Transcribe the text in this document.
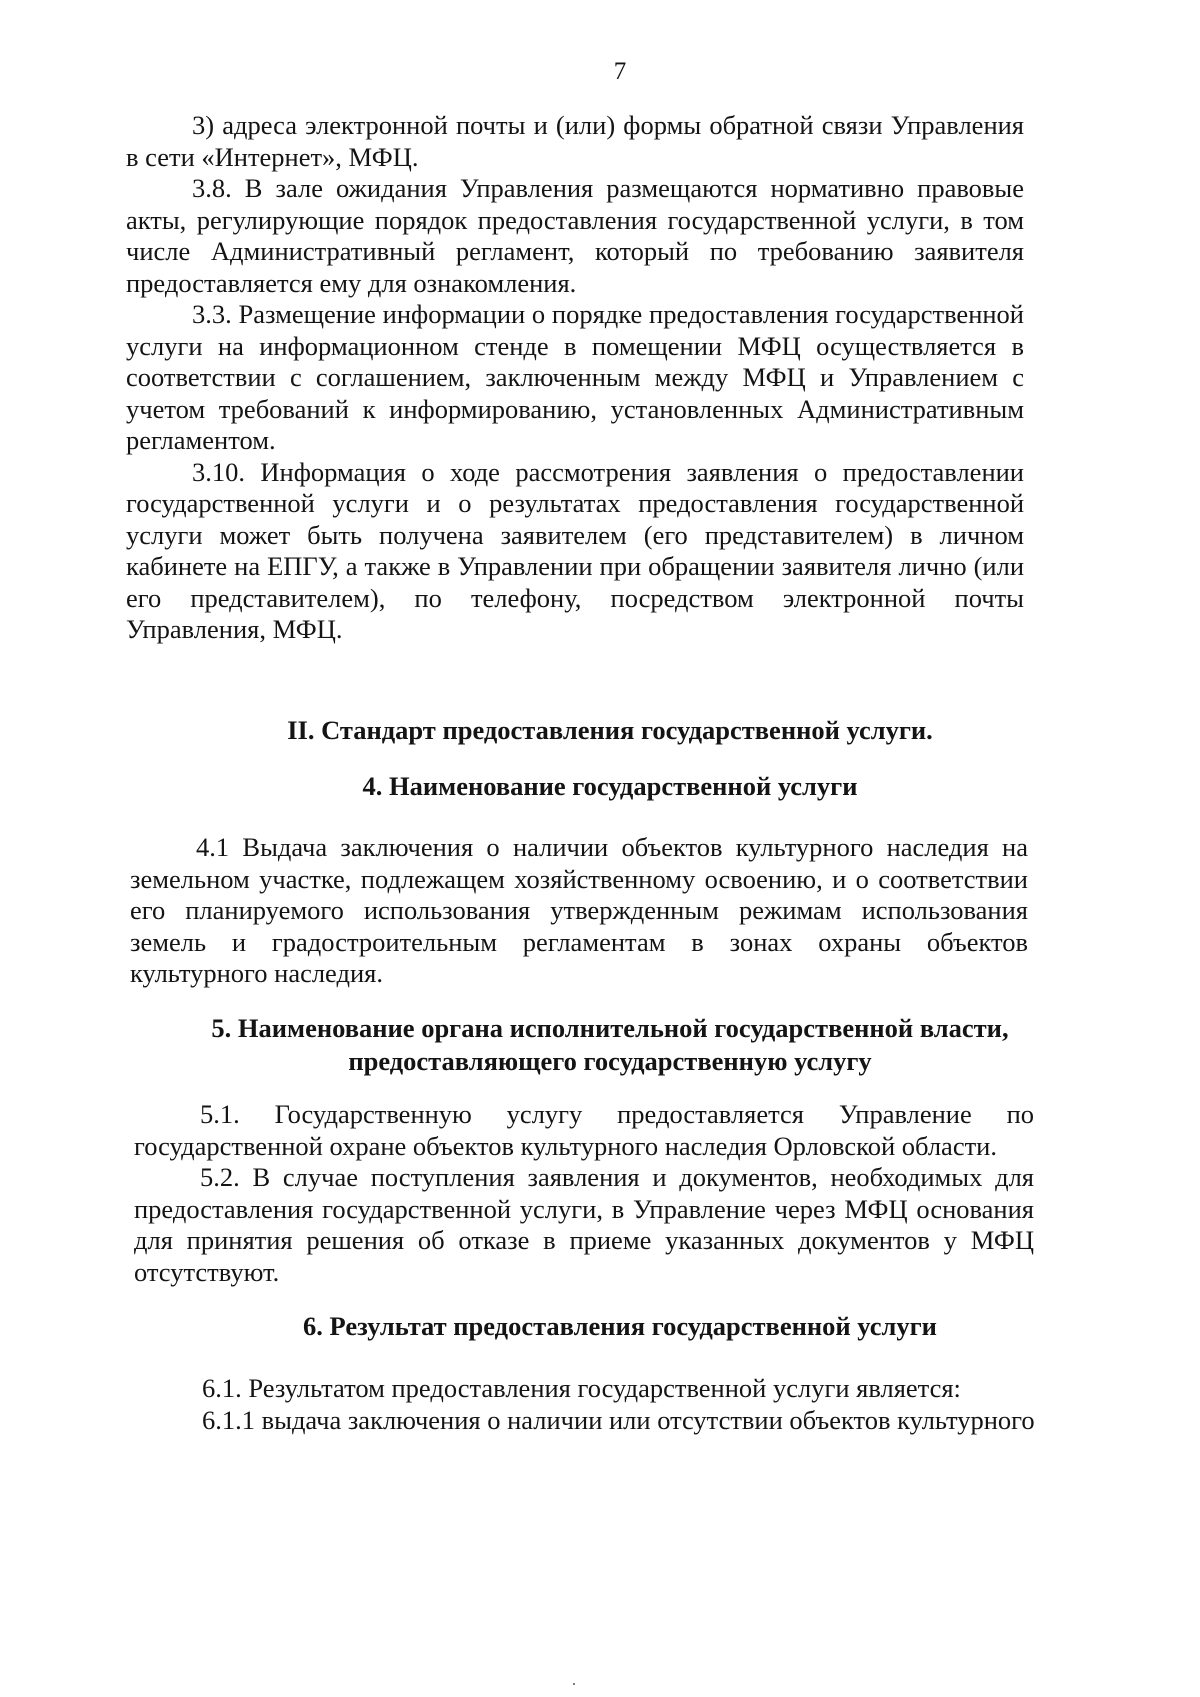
7

3) адреса электронной почты и (или) формы обратной связи Управления в сети «Интернет», МФЦ.

3.8. В зале ожидания Управления размещаются нормативно правовые акты, регулирующие порядок предоставления государственной услуги, в том числе Административный регламент, который по требованию заявителя предоставляется ему для ознакомления.

3.3. Размещение информации о порядке предоставления государственной услуги на информационном стенде в помещении МФЦ осуществляется в соответствии с соглашением, заключенным между МФЦ и Управлением с учетом требований к информированию, установленных Административным регламентом.

3.10. Информация о ходе рассмотрения заявления о предоставлении государственной услуги и о результатах предоставления государственной услуги может быть получена заявителем (его представителем) в личном кабинете на ЕПГУ, а также в Управлении при обращении заявителя лично (или его представителем), по телефону, посредством электронной почты Управления, МФЦ.

II. Стандарт предоставления государственной услуги.
4. Наименование государственной услуги

4.1 Выдача заключения о наличии объектов культурного наследия на земельном участке, подлежащем хозяйственному освоению, и о соответствии его планируемого использования утвержденным режимам использования земель и градостроительным регламентам в зонах охраны объектов культурного наследия.

5. Наименование органа исполнительной государственной власти,
предоставляющего государственную услугу

5.1. Государственную услугу предоставляется Управление по государственной охране объектов культурного наследия Орловской области.

5.2. В случае поступления заявления и документов, необходимых для предоставления государственной услуги, в Управление через МФЦ основания для принятия решения об отказе в приеме указанных документов у МФЦ отсутствуют.

6. Результат предоставления государственной услуги

6.1. Результатом предоставления государственной услуги является:

6.1.1 выдача заключения о наличии или отсутствии объектов культурного
